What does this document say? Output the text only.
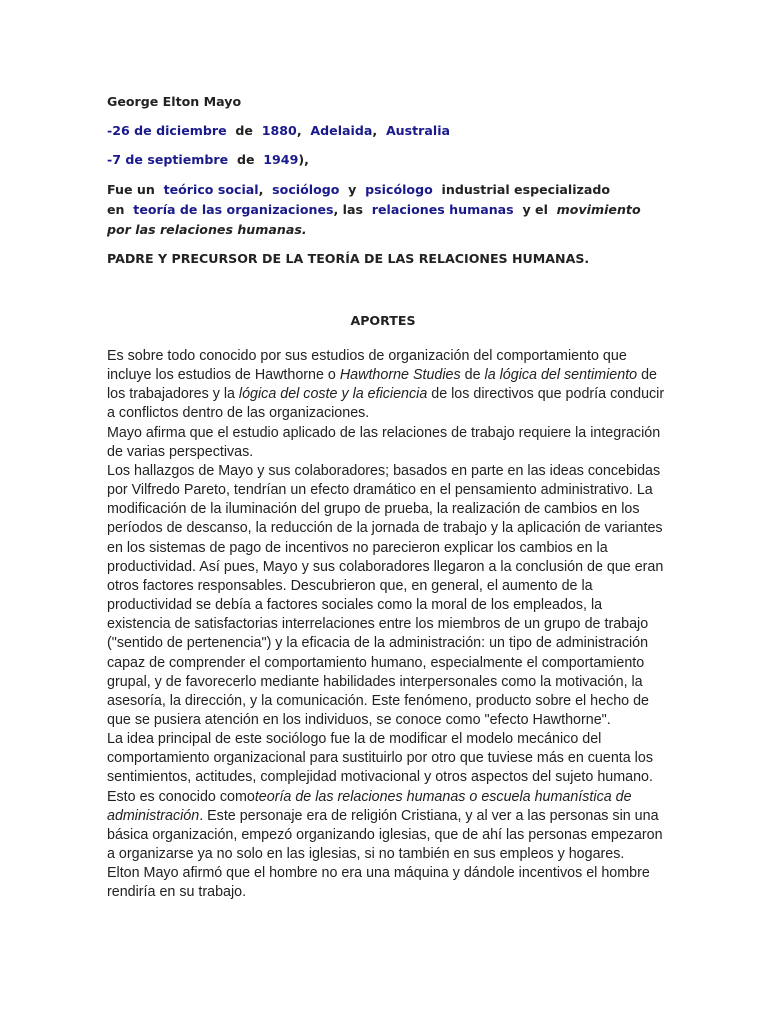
George Elton Mayo
-26 de diciembre de 1880, Adelaida, Australia
-7 de septiembre de 1949),
Fue un teórico social, sociólogo y psicólogo industrial especializado
en teoría de las organizaciones, las relaciones humanas y el movimiento
por las relaciones humanas.
PADRE Y PRECURSOR DE LA TEORÍA DE LAS RELACIONES HUMANAS.
APORTES

Es sobre todo conocido por sus estudios de organización del comportamiento que incluye los estudios de Hawthorne o Hawthorne Studies de la lógica del sentimiento de los trabajadores y la lógica del coste y la eficiencia de los directivos que podría conducir a conflictos dentro de las organizaciones.

Mayo afirma que el estudio aplicado de las relaciones de trabajo requiere la integración de varias perspectivas.

Los hallazgos de Mayo y sus colaboradores; basados en parte en las ideas concebidas por Vilfredo Pareto, tendrían un efecto dramático en el pensamiento administrativo. La modificación de la iluminación del grupo de prueba, la realización de cambios en los períodos de descanso, la reducción de la jornada de trabajo y la aplicación de variantes en los sistemas de pago de incentivos no parecieron explicar los cambios en la productividad. Así pues, Mayo y sus colaboradores llegaron a la conclusión de que eran otros factores responsables. Descubrieron que, en general, el aumento de la productividad se debía a factores sociales como la moral de los empleados, la existencia de satisfactorias interrelaciones entre los miembros de un grupo de trabajo ("sentido de pertenencia") y la eficacia de la administración: un tipo de administración capaz de comprender el comportamiento humano, especialmente el comportamiento grupal, y de favorecerlo mediante habilidades interpersonales como la motivación, la asesoría, la dirección, y la comunicación. Este fenómeno, producto sobre el hecho de que se pusiera atención en los individuos, se conoce como "efecto Hawthorne".

La idea principal de este sociólogo fue la de modificar el modelo mecánico del comportamiento organizacional para sustituirlo por otro que tuviese más en cuenta los sentimientos, actitudes, complejidad motivacional y otros aspectos del sujeto humano.

Esto es conocido comoteoría de las relaciones humanas o escuela humanística de administración. Este personaje era de religión Cristiana, y al ver a las personas sin una básica organización, empezó organizando iglesias, que de ahí las personas empezaron a organizarse ya no solo en las iglesias, si no también en sus empleos y hogares.

Elton Mayo afirmó que el hombre no era una máquina y dándole incentivos el hombre rendiría en su trabajo.
